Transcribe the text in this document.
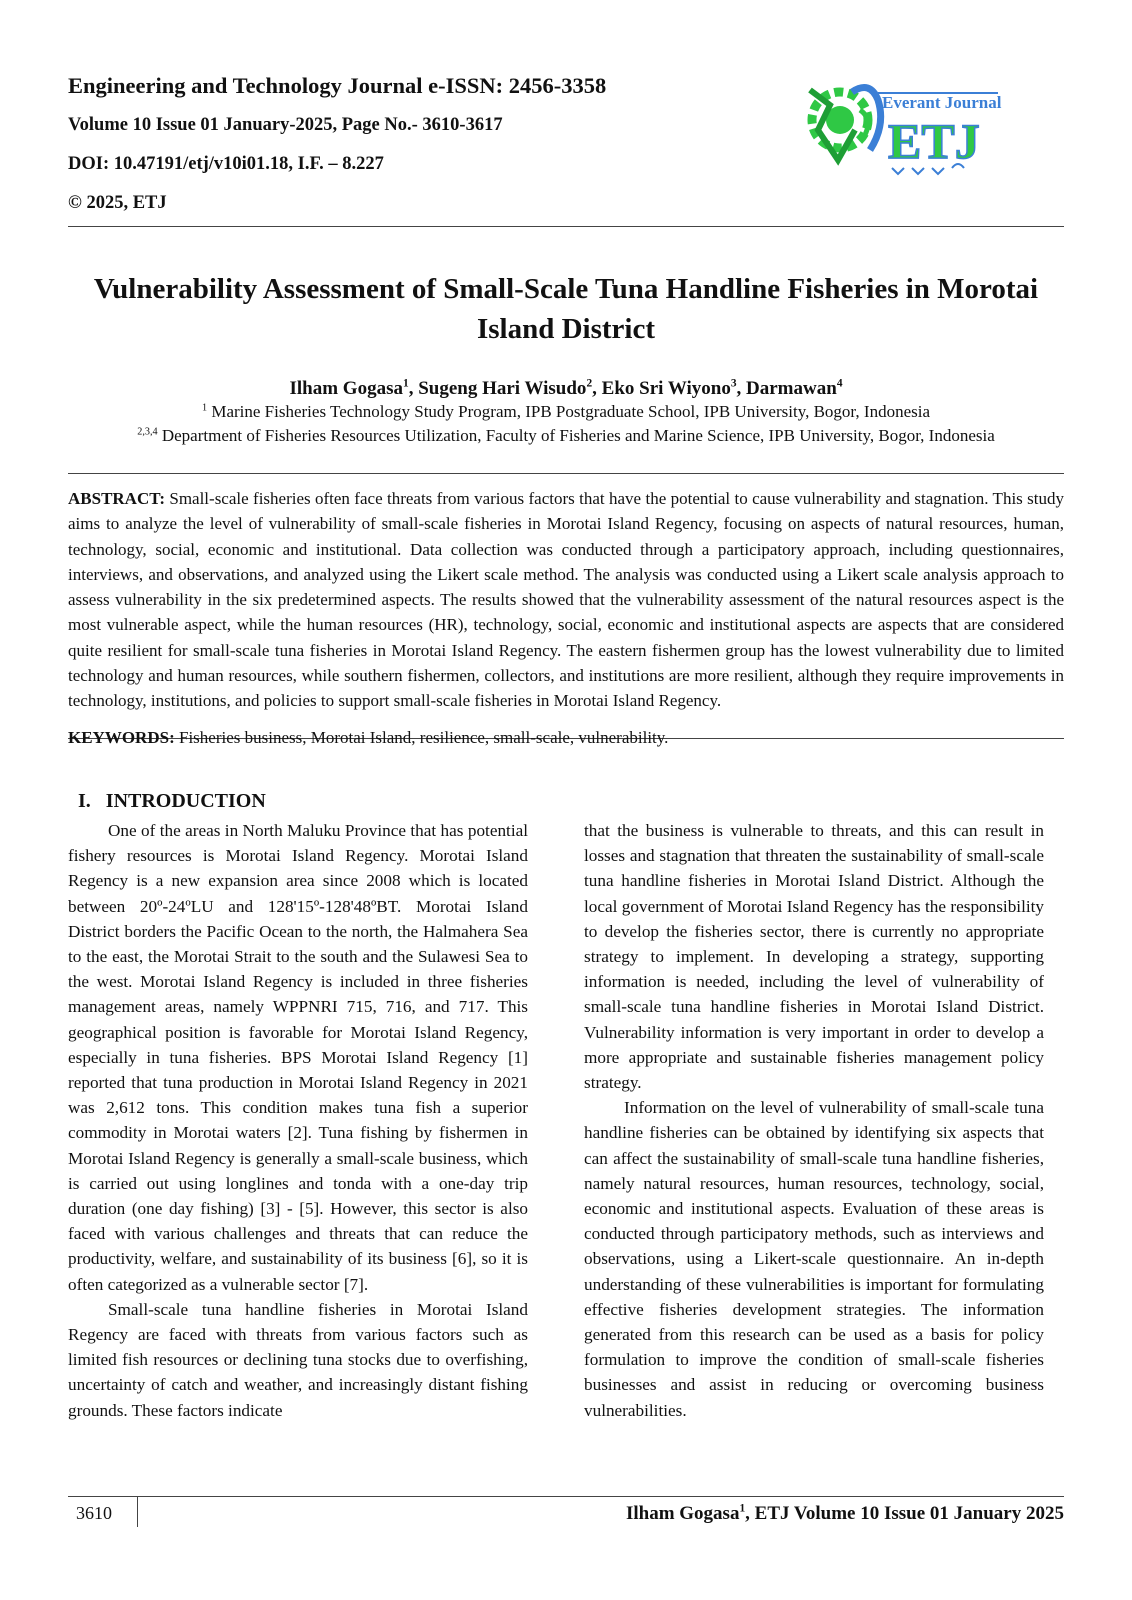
Engineering and Technology Journal e-ISSN: 2456-3358
Volume 10 Issue 01 January-2025, Page No.- 3610-3617
DOI: 10.47191/etj/v10i01.18, I.F. – 8.227
© 2025, ETJ
Everant Journal
ETJ
Vulnerability Assessment of Small-Scale Tuna Handline Fisheries in Morotai
Island District
Ilham Gogasa$^1$, Sugeng Hari Wisudo$^2$, Eko Sri Wiyono$^3$, Darmawan$^4$
$^1$ Marine Fisheries Technology Study Program, IPB Postgraduate School, IPB University, Bogor, Indonesia
$^{2,3,4}$ Department of Fisheries Resources Utilization, Faculty of Fisheries and Marine Science, IPB University, Bogor, Indonesia
ABSTRACT: Small-scale fisheries often face threats from various factors that have the potential to cause vulnerability and stagnation. This study aims to analyze the level of vulnerability of small-scale fisheries in Morotai Island Regency, focusing on aspects of natural resources, human, technology, social, economic and institutional. Data collection was conducted through a participatory approach, including questionnaires, interviews, and observations, and analyzed using the Likert scale method. The analysis was conducted using a Likert scale analysis approach to assess vulnerability in the six predetermined aspects. The results showed that the vulnerability assessment of the natural resources aspect is the most vulnerable aspect, while the human resources (HR), technology, social, economic and institutional aspects are aspects that are considered quite resilient for small-scale tuna fisheries in Morotai Island Regency. The eastern fishermen group has the lowest vulnerability due to limited technology and human resources, while southern fishermen, collectors, and institutions are more resilient, although they require improvements in technology, institutions, and policies to support small-scale fisheries in Morotai Island Regency.
KEYWORDS: Fisheries business, Morotai Island, resilience, small-scale, vulnerability.
I.   INTRODUCTION

One of the areas in North Maluku Province that has potential fishery resources is Morotai Island Regency. Morotai Island Regency is a new expansion area since 2008 which is located between 20º-24ºLU and 128'15º-128'48ºBT. Morotai Island District borders the Pacific Ocean to the north, the Halmahera Sea to the east, the Morotai Strait to the south and the Sulawesi Sea to the west. Morotai Island Regency is included in three fisheries management areas, namely WPPNRI 715, 716, and 717. This geographical position is favorable for Morotai Island Regency, especially in tuna fisheries. BPS Morotai Island Regency [1] reported that tuna production in Morotai Island Regency in 2021 was 2,612 tons. This condition makes tuna fish a superior commodity in Morotai waters [2]. Tuna fishing by fishermen in Morotai Island Regency is generally a small-scale business, which is carried out using longlines and tonda with a one-day trip duration (one day fishing) [3] - [5]. However, this sector is also faced with various challenges and threats that can reduce the productivity, welfare, and sustainability of its business [6], so it is often categorized as a vulnerable sector [7].

Small-scale tuna handline fisheries in Morotai Island Regency are faced with threats from various factors such as limited fish resources or declining tuna stocks due to overfishing, uncertainty of catch and weather, and increasingly distant fishing grounds. These factors indicate

that the business is vulnerable to threats, and this can result in losses and stagnation that threaten the sustainability of small-scale tuna handline fisheries in Morotai Island District. Although the local government of Morotai Island Regency has the responsibility to develop the fisheries sector, there is currently no appropriate strategy to implement. In developing a strategy, supporting information is needed, including the level of vulnerability of small-scale tuna handline fisheries in Morotai Island District. Vulnerability information is very important in order to develop a more appropriate and sustainable fisheries management policy strategy.

Information on the level of vulnerability of small-scale tuna handline fisheries can be obtained by identifying six aspects that can affect the sustainability of small-scale tuna handline fisheries, namely natural resources, human resources, technology, social, economic and institutional aspects. Evaluation of these areas is conducted through participatory methods, such as interviews and observations, using a Likert-scale questionnaire. An in-depth understanding of these vulnerabilities is important for formulating effective fisheries development strategies. The information generated from this research can be used as a basis for policy formulation to improve the condition of small-scale fisheries businesses and assist in reducing or overcoming business vulnerabilities.

3610	Ilham Gogasa$^1$, ETJ Volume 10 Issue 01 January 2025
